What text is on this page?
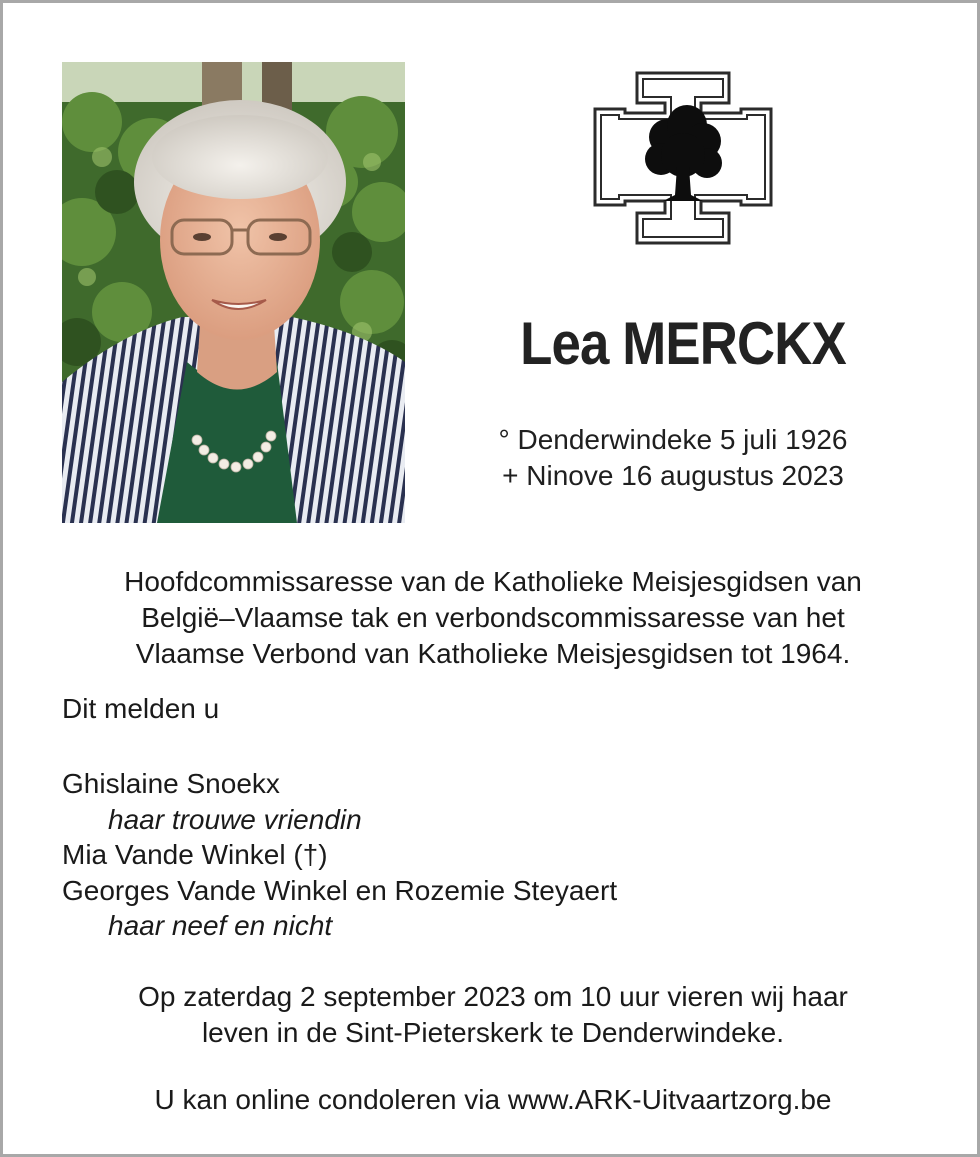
Lea MERCKX
° Denderwindeke 5 juli 1926
+ Ninove 16 augustus 2023
Hoofdcommissaresse van de Katholieke Meisjesgidsen van
België–Vlaamse tak en verbondscommissaresse van het
Vlaamse Verbond van Katholieke Meisjesgidsen tot 1964.
Dit melden u
Ghislaine Snoekx
haar trouwe vriendin
Mia Vande Winkel (†)
Georges Vande Winkel en Rozemie Steyaert
haar neef en nicht
Op zaterdag 2 september 2023 om 10 uur vieren wij haar
leven in de Sint-Pieterskerk te Denderwindeke.
U kan online condoleren via www.ARK-Uitvaartzorg.be
